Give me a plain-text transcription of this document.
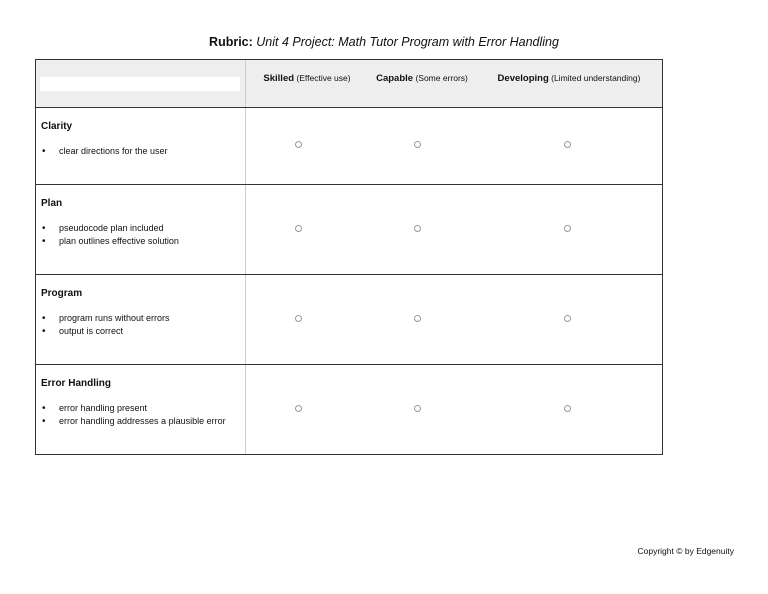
Rubric: Unit 4 Project: Math Tutor Program with Error Handling
Skilled (Effective use)	Capable (Some errors)	Developing (Limited understanding)
Clarity
• clear directions for the user
Plan
• pseudocode plan included
• plan outlines effective solution
Program
• program runs without errors
• output is correct
Error Handling
• error handling present
• error handling addresses a plausible error
Copyright © by Edgenuity
